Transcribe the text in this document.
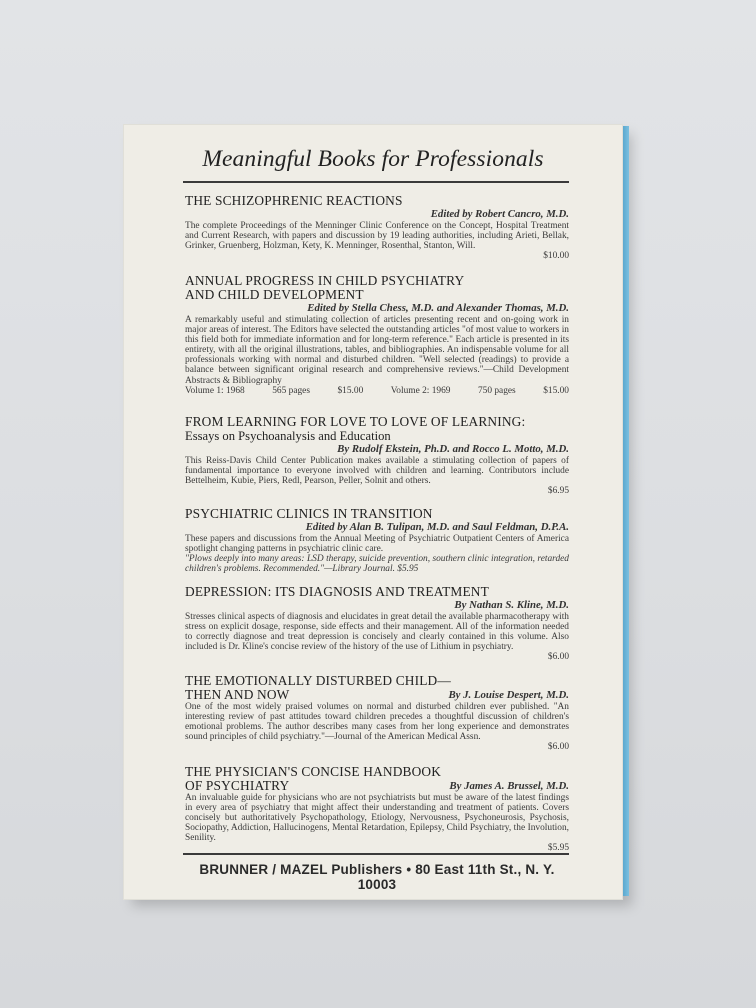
Meaningful Books for Professionals
THE SCHIZOPHRENIC REACTIONS
Edited by Robert Cancro, M.D.
The complete Proceedings of the Menninger Clinic Conference on the Concept, Hospital Treatment and Current Research, with papers and discussion by 19 leading authorities, including Arieti, Bellak, Grinker, Gruenberg, Holzman, Kety, K. Menninger, Rosenthal, Stanton, Will.
$10.00
ANNUAL PROGRESS IN CHILD PSYCHIATRY
AND CHILD DEVELOPMENT
Edited by Stella Chess, M.D. and Alexander Thomas, M.D.
A remarkably useful and stimulating collection of articles presenting recent and on-going work in major areas of interest. The Editors have selected the outstanding articles "of most value to workers in this field both for immediate information and for long-term reference." Each article is presented in its entirety, with all the original illustrations, tables, and bibliographies. An indispensable volume for all professionals working with normal and disturbed children. "Well selected (readings) to provide a balance between significant original research and comprehensive reviews."—Child Development Abstracts & Bibliography
Volume 1: 1968	565 pages	$15.00	Volume 2: 1969	750 pages	$15.00
FROM LEARNING FOR LOVE TO LOVE OF LEARNING:
Essays on Psychoanalysis and Education
By Rudolf Ekstein, Ph.D. and Rocco L. Motto, M.D.
This Reiss-Davis Child Center Publication makes available a stimulating collection of papers of fundamental importance to everyone involved with children and learning. Contributors include Bettelheim, Kubie, Piers, Redl, Pearson, Peller, Solnit and others.
$6.95
PSYCHIATRIC CLINICS IN TRANSITION
Edited by Alan B. Tulipan, M.D. and Saul Feldman, D.P.A.
These papers and discussions from the Annual Meeting of Psychiatric Outpatient Centers of America spotlight changing patterns in psychiatric clinic care.
"Plows deeply into many areas: LSD therapy, suicide prevention, southern clinic integration, retarded children's problems. Recommended."—Library Journal. $5.95
DEPRESSION: ITS DIAGNOSIS AND TREATMENT
By Nathan S. Kline, M.D.
Stresses clinical aspects of diagnosis and elucidates in great detail the available pharmacotherapy with stress on explicit dosage, response, side effects and their management. All of the information needed to correctly diagnose and treat depression is concisely and clearly contained in this volume. Also included is Dr. Kline's concise review of the history of the use of Lithium in psychiatry.
$6.00
THE EMOTIONALLY DISTURBED CHILD—
THEN AND NOW	By J. Louise Despert, M.D.
One of the most widely praised volumes on normal and disturbed children ever published. "An interesting review of past attitudes toward children precedes a thoughtful discussion of children's emotional problems. The author describes many cases from her long experience and demonstrates sound principles of child psychiatry."—Journal of the American Medical Assn.
$6.00
THE PHYSICIAN'S CONCISE HANDBOOK
OF PSYCHIATRY	By James A. Brussel, M.D.
An invaluable guide for physicians who are not psychiatrists but must be aware of the latest findings in every area of psychiatry that might affect their understanding and treatment of patients. Covers concisely but authoritatively Psychopathology, Etiology, Nervousness, Psychoneurosis, Psychosis, Sociopathy, Addiction, Hallucinogens, Mental Retardation, Epilepsy, Child Psychiatry, the Involution, Senility.
$5.95
BRUNNER / MAZEL Publishers • 80 East 11th St., N. Y. 10003
